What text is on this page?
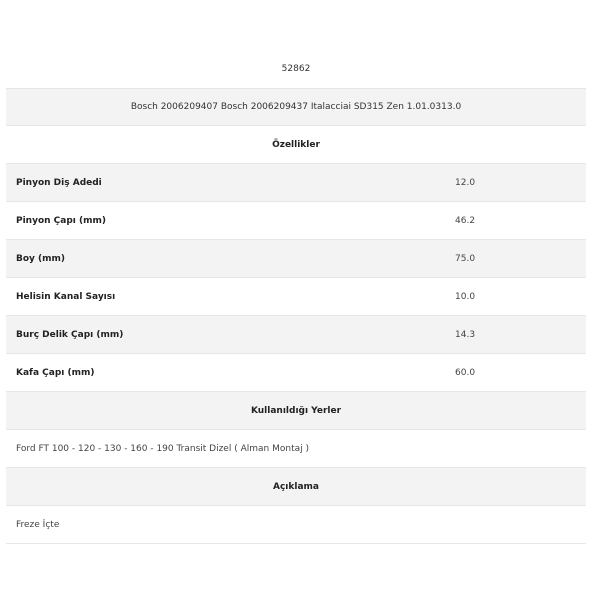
52862
Bosch 2006209407 Bosch 2006209437 Italacciai SD315 Zen 1.01.0313.0
Özellikler
Pinyon Diş Adedi	12.0
Pinyon Çapı (mm)	46.2
Boy (mm)	75.0
Helisin Kanal Sayısı	10.0
Burç Delik Çapı (mm)	14.3
Kafa Çapı (mm)	60.0
Kullanıldığı Yerler
Ford FT 100 - 120 - 130 - 160 - 190 Transit Dizel ( Alman Montaj )
Açıklama
Freze İçte
